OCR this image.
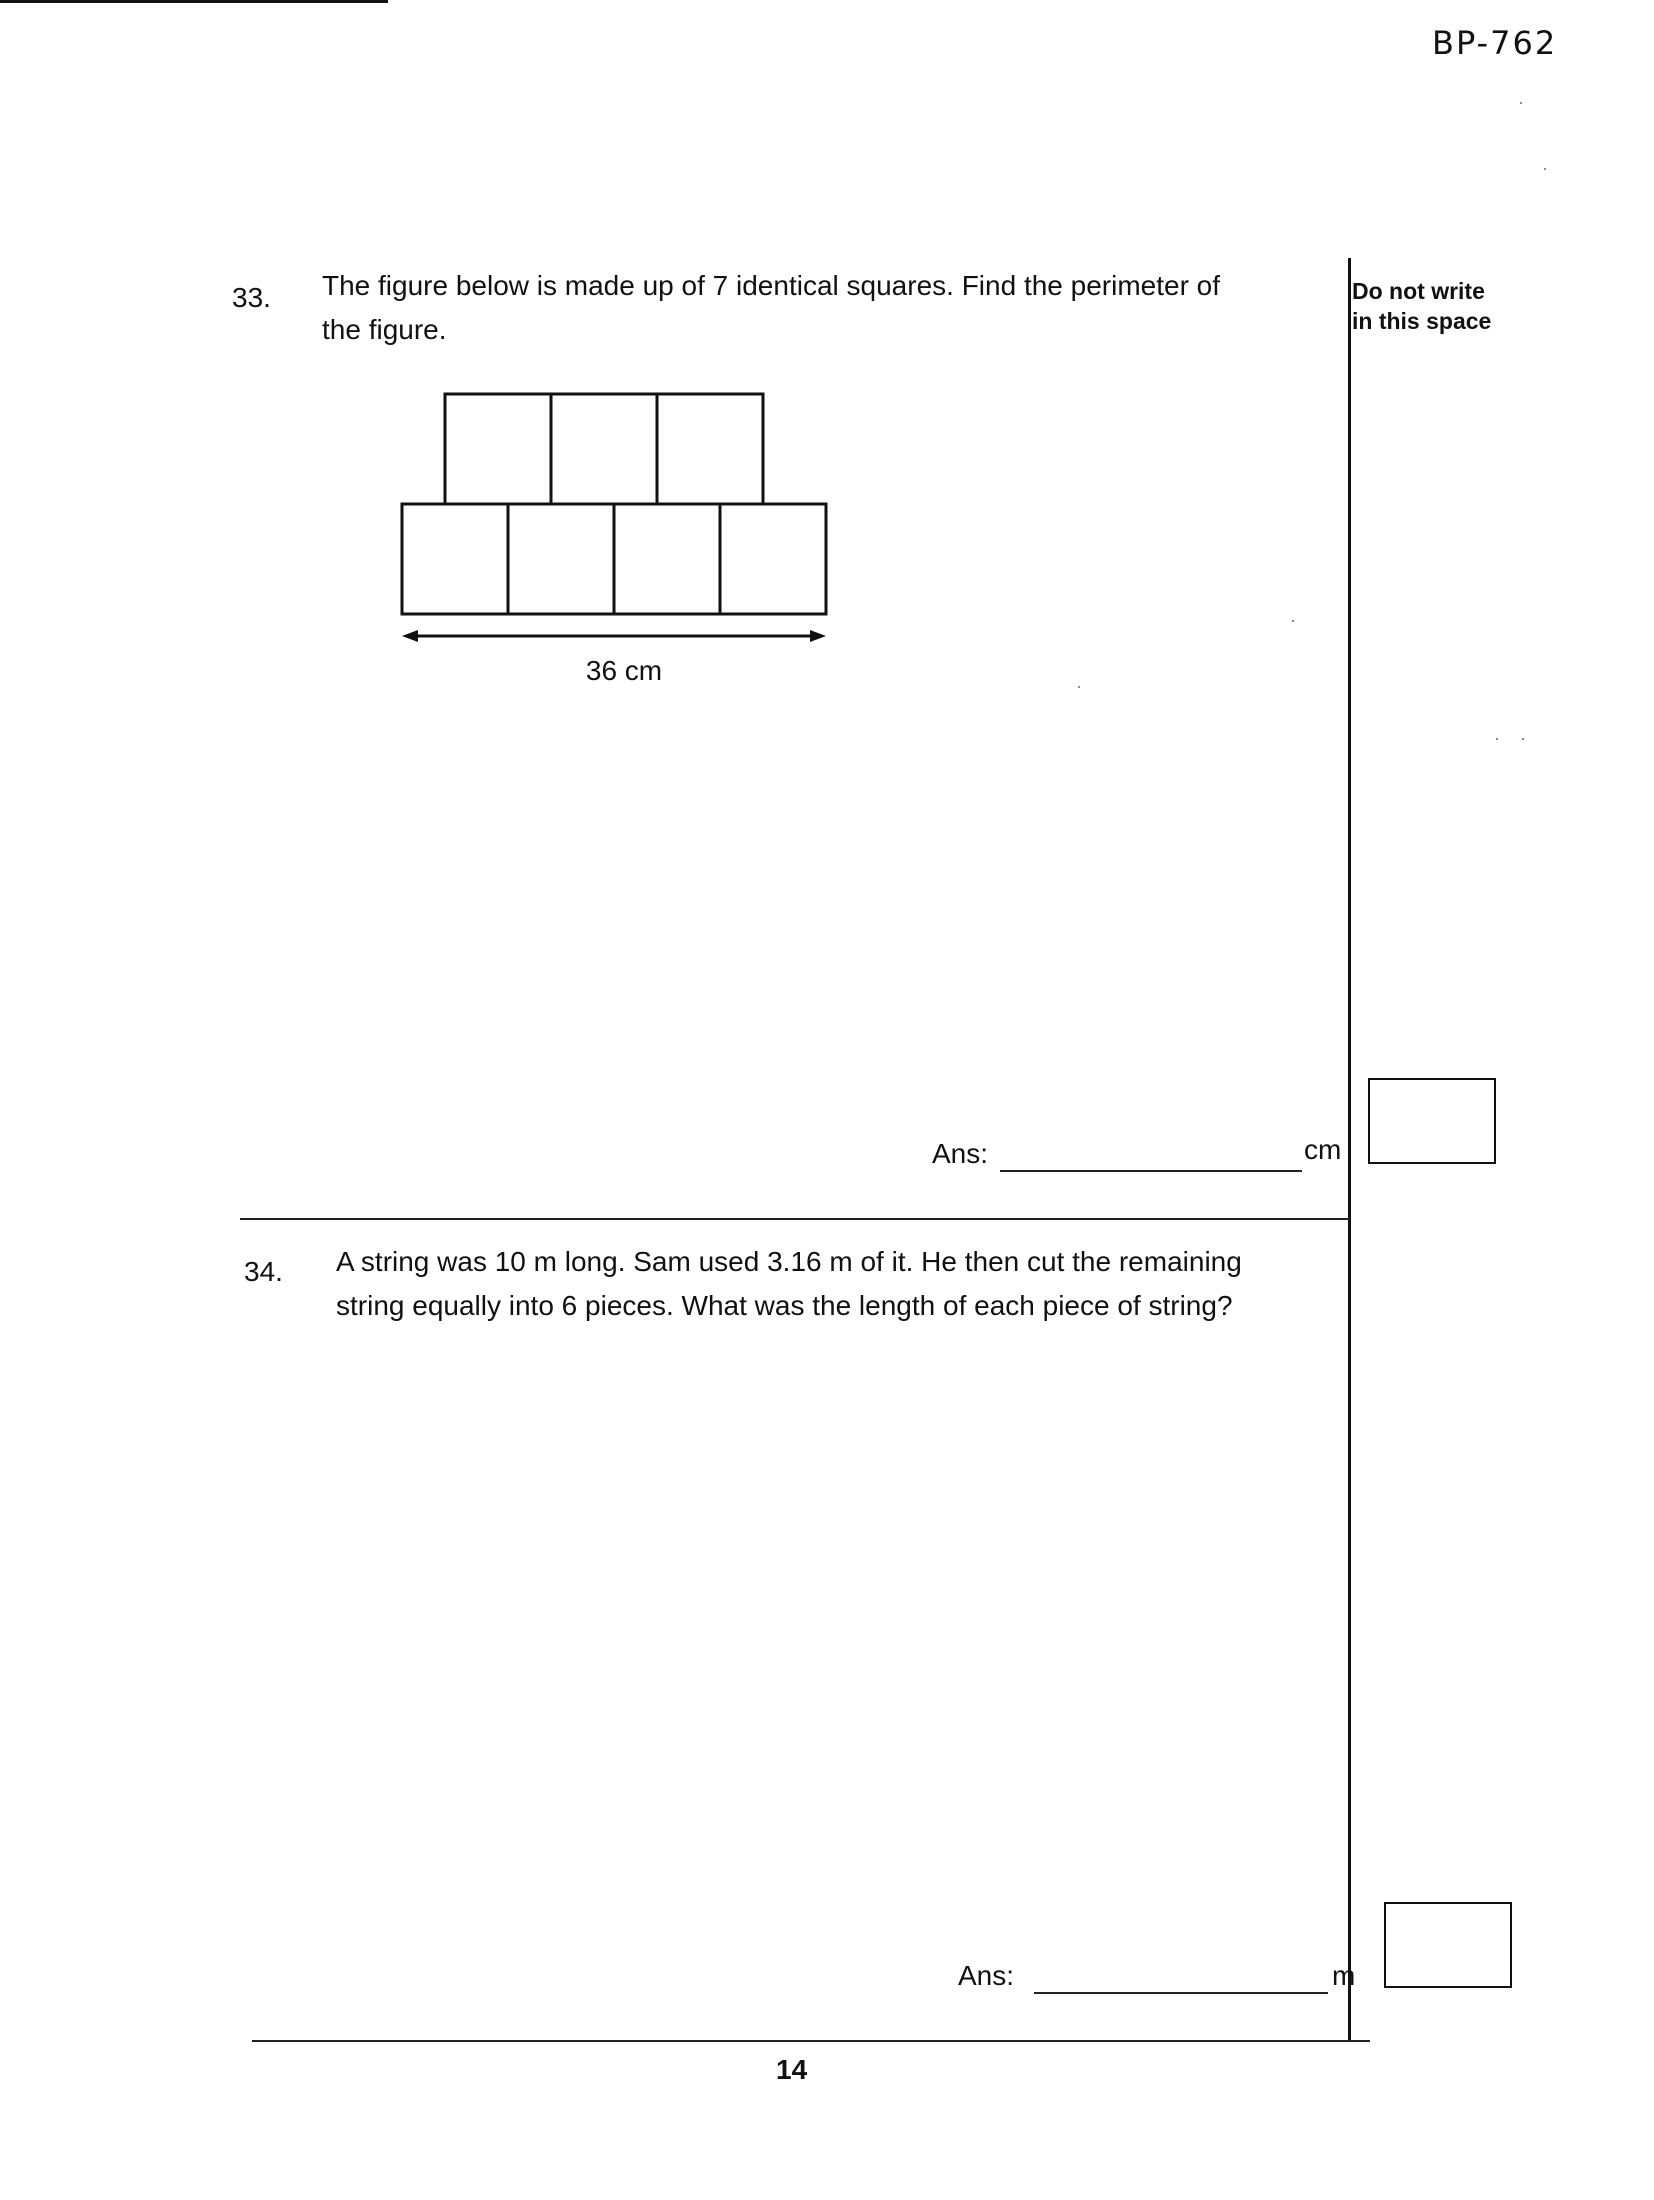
BP-762
Do not write
in this space
33. The figure below is made up of 7 identical squares. Find the perimeter of
the figure.
36 cm
Ans:	cm
34. A string was 10 m long. Sam used 3.16 m of it. He then cut the remaining
string equally into 6 pieces. What was the length of each piece of string?
Ans:	m
14
